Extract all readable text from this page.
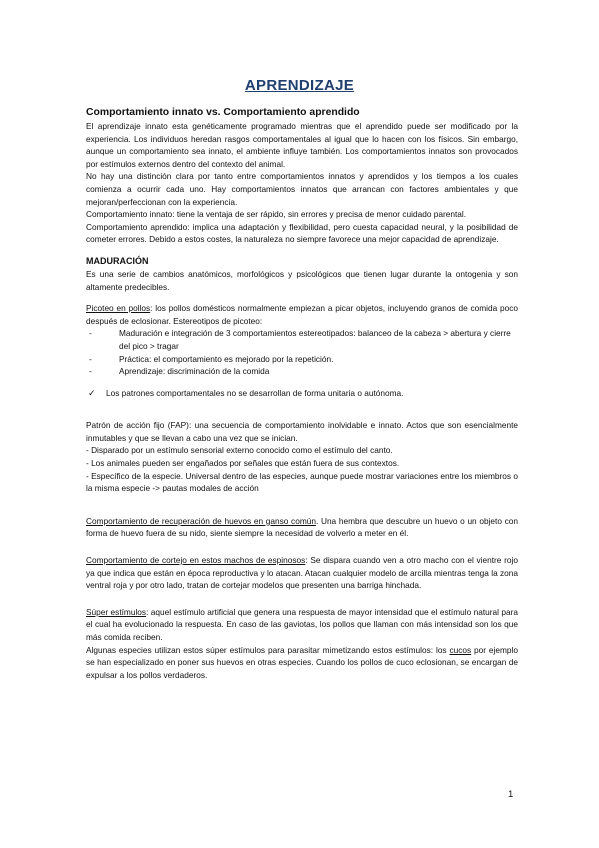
APRENDIZAJE
Comportamiento innato vs. Comportamiento aprendido

El aprendizaje innato esta genéticamente programado mientras que el aprendido puede ser modificado por la experiencia. Los individuos heredan rasgos comportamentales al igual que lo hacen con los físicos. Sin embargo, aunque un comportamiento sea innato, el ambiente influye también. Los comportamientos innatos son provocados por estímulos externos dentro del contexto del animal.

No hay una distinción clara por tanto entre comportamientos innatos y aprendidos y los tiempos a los cuales comienza a ocurrir cada uno. Hay comportamientos innatos que arrancan con factores ambientales y que mejoran/perfeccionan con la experiencia.

Comportamiento innato: tiene la ventaja de ser rápido, sin errores y precisa de menor cuidado parental.

Comportamiento aprendido: implica una adaptación y flexibilidad, pero cuesta capacidad neural, y la posibilidad de cometer errores. Debido a estos costes, la naturaleza no siempre favorece una mejor capacidad de aprendizaje.

MADURACIÓN

Es una serie de cambios anatómicos, morfológicos y psicológicos que tienen lugar durante la ontogenia y son altamente predecibles.

Picoteo en pollos: los pollos domésticos normalmente empiezan a picar objetos, incluyendo granos de comida poco después de eclosionar. Estereotipos de picoteo:

-	Maduración e integración de 3 comportamientos estereotipados: balanceo de la cabeza > abertura y cierre del pico > tragar
-	Práctica: el comportamiento es mejorado por la repetición.
-	Aprendizaje: discriminación de la comida
✓ Los patrones comportamentales no se desarrollan de forma unitaria o autónoma.

Patrón de acción fijo (FAP): una secuencia de comportamiento inolvidable e innato. Actos que son esencialmente inmutables y que se llevan a cabo una vez que se inician.

- Disparado por un estímulo sensorial externo conocido como el estímulo del canto.

- Los animales pueden ser engañados por señales que están fuera de sus contextos.

- Específico de la especie. Universal dentro de las especies, aunque puede mostrar variaciones entre los miembros o la misma especie -> pautas modales de acción

Comportamiento de recuperación de huevos en ganso común. Una hembra que descubre un huevo o un objeto con forma de huevo fuera de su nido, siente siempre la necesidad de volverlo a meter en él.

Comportamiento de cortejo en estos machos de espinosos: Se dispara cuando ven a otro macho con el vientre rojo ya que indica que están en época reproductiva y lo atacan. Atacan cualquier modelo de arcilla mientras tenga la zona ventral roja y por otro lado, tratan de cortejar modelos que presenten una barriga hinchada.

Súper estímulos: aquel estímulo artificial que genera una respuesta de mayor intensidad que el estímulo natural para el cual ha evolucionado la respuesta. En caso de las gaviotas, los pollos que llaman con más intensidad son los que más comida reciben.

Algunas especies utilizan estos súper estímulos para parasitar mimetizando estos estímulos: los cucos por ejemplo se han especializado en poner sus huevos en otras especies. Cuando los pollos de cuco eclosionan, se encargan de expulsar a los pollos verdaderos.

1
